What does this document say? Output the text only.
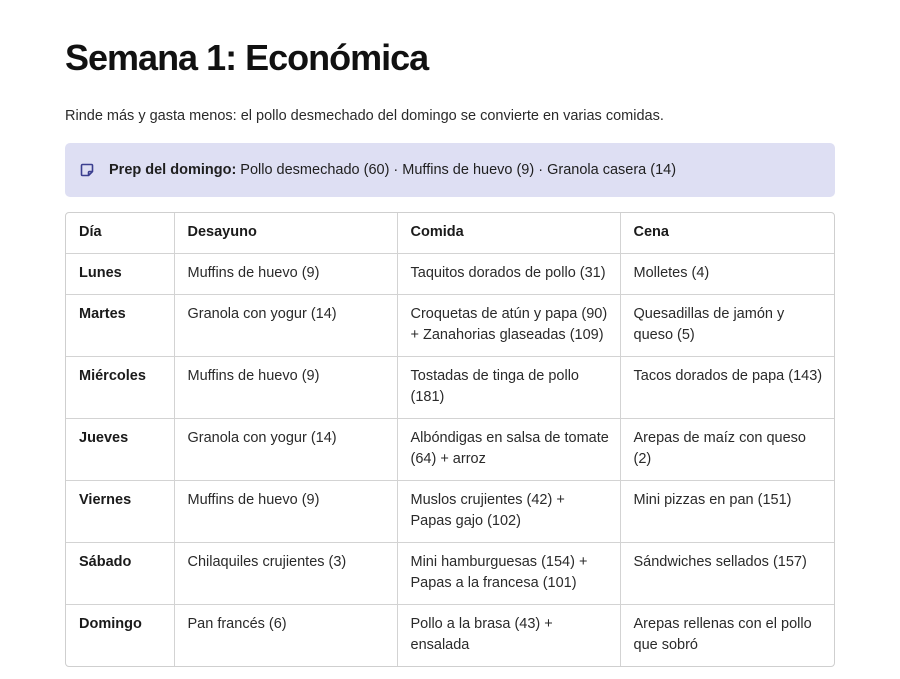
Semana 1: Económica

Rinde más y gasta menos: el pollo desmechado del domingo se convierte en varias comidas.

Prep del domingo: Pollo desmechado (60) · Muffins de huevo (9) · Granola casera (14)
Día	Desayuno	Comida	Cena
Lunes	Muffins de huevo (9)	Taquitos dorados de pollo (31)	Molletes (4)
Martes	Granola con yogur (14)	Croquetas de atún y papa (90) + Zanahorias glaseadas (109)	Quesadillas de jamón y queso (5)
Miércoles	Muffins de huevo (9)	Tostadas de tinga de pollo (181)	Tacos dorados de papa (143)
Jueves	Granola con yogur (14)	Albóndigas en salsa de tomate (64) + arroz	Arepas de maíz con queso (2)
Viernes	Muffins de huevo (9)	Muslos crujientes (42) + Papas gajo (102)	Mini pizzas en pan (151)
Sábado	Chilaquiles crujientes (3)	Mini hamburguesas (154) + Papas a la francesa (101)	Sándwiches sellados (157)
Domingo	Pan francés (6)	Pollo a la brasa (43) + ensalada	Arepas rellenas con el pollo que sobró
